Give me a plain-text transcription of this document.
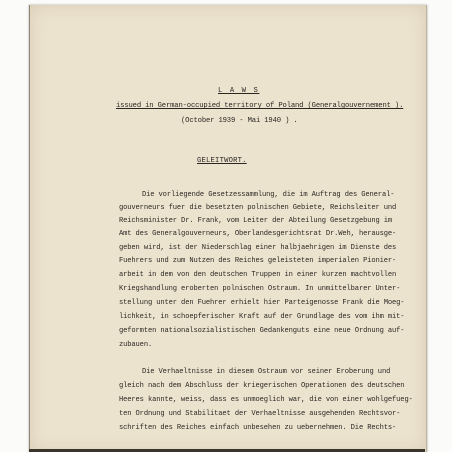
L A W S
issued in German-occupied territory of Poland (Generalgouvernement ).
(October 1939 - Mai 1940 ) .
GELEITWORT.
Die vorliegende Gesetzessammlung, die im Auftrag des General-
gouverneurs fuer die besetzten polnischen Gebiete, Reichsleiter und
Reichsminister Dr. Frank, vom Leiter der Abteilung Gesetzgebung im
Amt des Generalgouverneurs, Oberlandesgerichtsrat Dr.Weh, herausge-
geben wird, ist der Niederschlag einer halbjaehrigen im Dienste des
Fuehrers und zum Nutzen des Reiches geleisteten imperialen Pionier-
arbeit in dem von den deutschen Truppen in einer kurzen machtvollen
Kriegshandlung eroberten polnischen Ostraum. In unmittelbarer Unter-
stellung unter den Fuehrer erhielt hier Parteigenosse Frank die Moeg-
lichkeit, in schoepferischer Kraft auf der Grundlage des vom ihm mit-
geformten nationalsozialistischen Gedankenguts eine neue Ordnung auf-
zubauen.
Die Verhaeltnisse in diesem Ostraum vor seiner Eroberung und
gleich nach dem Abschluss der kriegerischen Operationen des deutschen
Heeres kannte, weiss, dass es unmoeglich war, die von einer wohlgefueg-
ten Ordnung und Stabilitaet der Verhaeltnisse ausgehenden Rechtsvor-
schriften des Reiches einfach unbesehen zu uebernehmen. Die Rechts-
